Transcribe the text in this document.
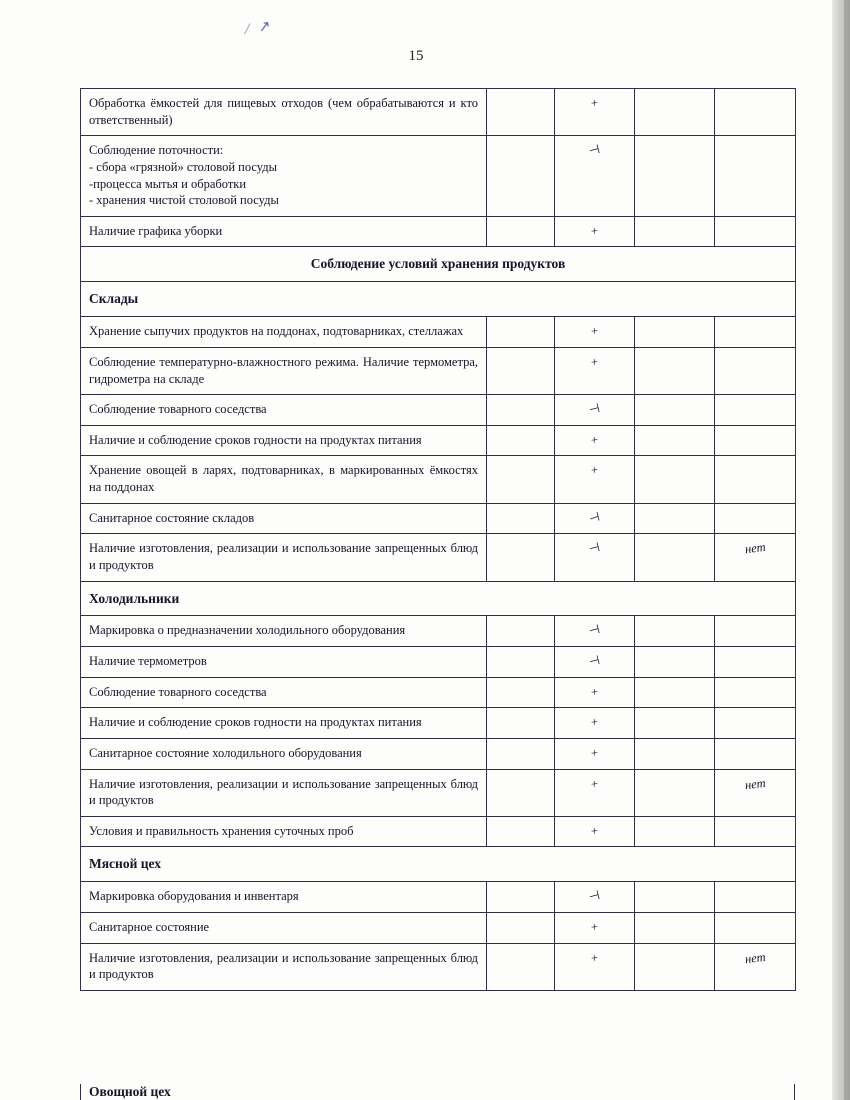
⁄ ↗
15
Обработка ёмкостей для пищевых отходов (чем обрабатываются и кто ответственный)		+		
Соблюдение поточности:
- сбора «грязной» столовой посуды
-процесса мытья и обработки
- хранения чистой столовой посуды		⊣		
Наличие графика уборки		+		
Соблюдение условий хранения продуктов				
Склады				
Хранение сыпучих продуктов на поддонах, подтоварниках, стеллажах		+		
Соблюдение температурно-влажностного режима. Наличие термометра, гидрометра на складе		+		
Соблюдение товарного соседства		⊣		
Наличие и соблюдение сроков годности на продуктах питания		+		
Хранение овощей в ларях, подтоварниках, в маркированных ёмкостях на поддонах		+		
Санитарное состояние складов		⊣		
Наличие изготовления, реализации и использование запрещенных блюд и продуктов		⊣		нет
Холодильники				
Маркировка о предназначении холодильного оборудования		⊣		
Наличие термометров		⊣		
Соблюдение товарного соседства		+		
Наличие и соблюдение сроков годности на продуктах питания		+		
Санитарное состояние холодильного оборудования		+		
Наличие изготовления, реализации и использование запрещенных блюд и продуктов		+		нет
Условия и правильность хранения суточных проб		+		
Мясной цех				
Маркировка оборудования и инвентаря		⊣		
Санитарное состояние		+		
Наличие изготовления, реализации и использование запрещенных блюд и продуктов		+		нет
Овощной цех
